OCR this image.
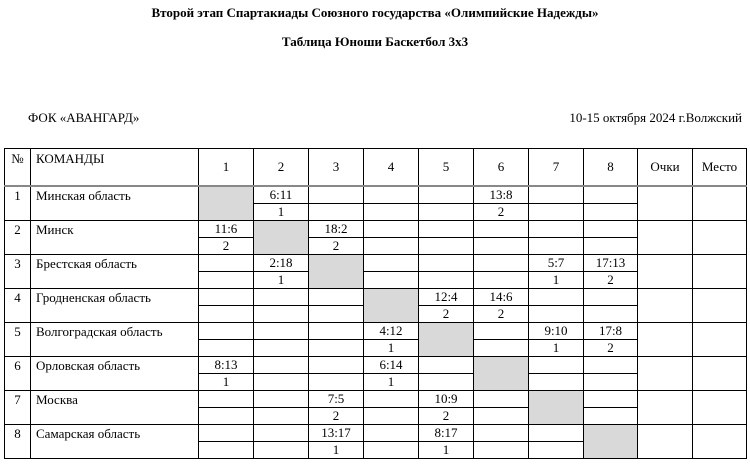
Второй этап Спартакиады Союзного государства «Олимпийские Надежды»
Таблица Юноши Баскетбол 3х3
ФОК «АВАНГАРД»	10-15 октября 2024 г.Волжский
№	КОМАНДЫ	1	2	3	4	5	6	7	8	Очки	Место
1	Минская область		6:11				13:8				
			1				2				
2	Минск	11:6		18:2							
		2		2							
3	Брестская область		2:18					5:7	17:13		
			1					1	2		
4	Гродненская область					12:4	14:6				
						2	2				
5	Волгоградская область				4:12			9:10	17:8		
					1			1	2		
6	Орловская область	8:13			6:14						
		1			1						
7	Москва			7:5		10:9					
				2		2					
8	Самарская область			13:17		8:17					
				1		1					
